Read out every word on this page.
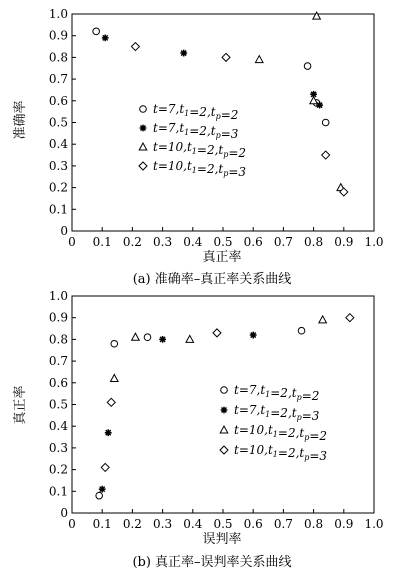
0 0.1 0.2 0.3 0.4 0.5 0.6 0.7 0.8 0.9 1.0
0
0.1
0.2
0.3
0.4
0.5
0.6
0.7
0.8
0.9
1.0
真正率
准确率
(a) 准确率–真正率关系曲线
$t=7,t_1=2,t_p=2$
$t=7,t_1=2,t_p=3$
$t=10,t_1=2,t_p=2$
$t=10,t_1=2,t_p=3$
0 0.1 0.2 0.3 0.4 0.5 0.6 0.7 0.8 0.9 1.0
0
0.1
0.2
0.3
0.4
0.5
0.6
0.7
0.8
0.9
1.0
误判率
真正率
(b) 真正率–误判率关系曲线
$t=7,t_1=2,t_p=2$
$t=7,t_1=2,t_p=3$
$t=10,t_1=2,t_p=2$
$t=10,t_1=2,t_p=3$
